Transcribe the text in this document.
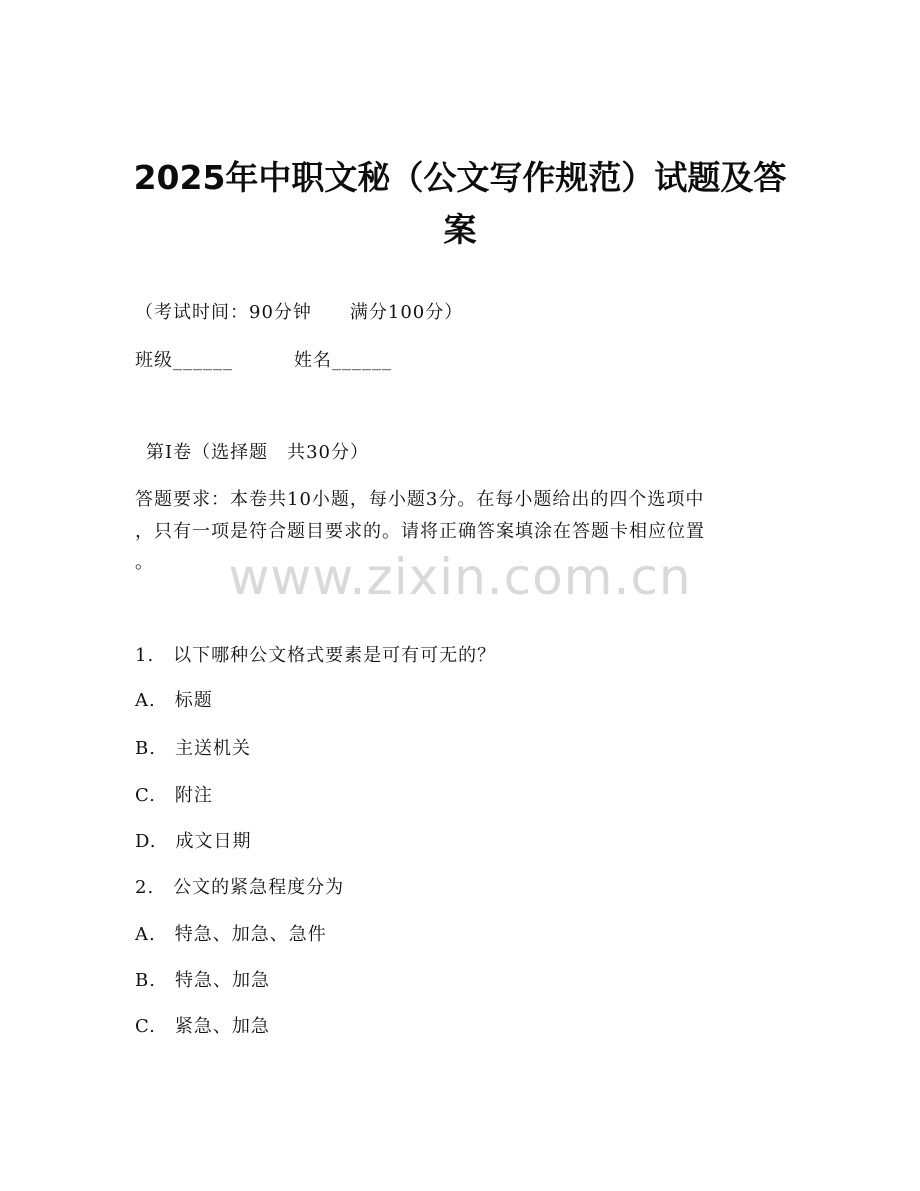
2025年中职文秘（公文写作规范）试题及答
案
（考试时间：90分钟　　满分100分）
班级______	姓名______
第Ⅰ卷（选择题　共30分）
答题要求：本卷共10小题，每小题3分。在每小题给出的四个选项中
，只有一项是符合题目要求的。请将正确答案填涂在答题卡相应位置
。	www.zixin.com.cn
1.　以下哪种公文格式要素是可有可无的？
A.　标题
B.　主送机关
C.　附注
D.　成文日期
2.　公文的紧急程度分为
A.　特急、加急、急件
B.　特急、加急
C.　紧急、加急
